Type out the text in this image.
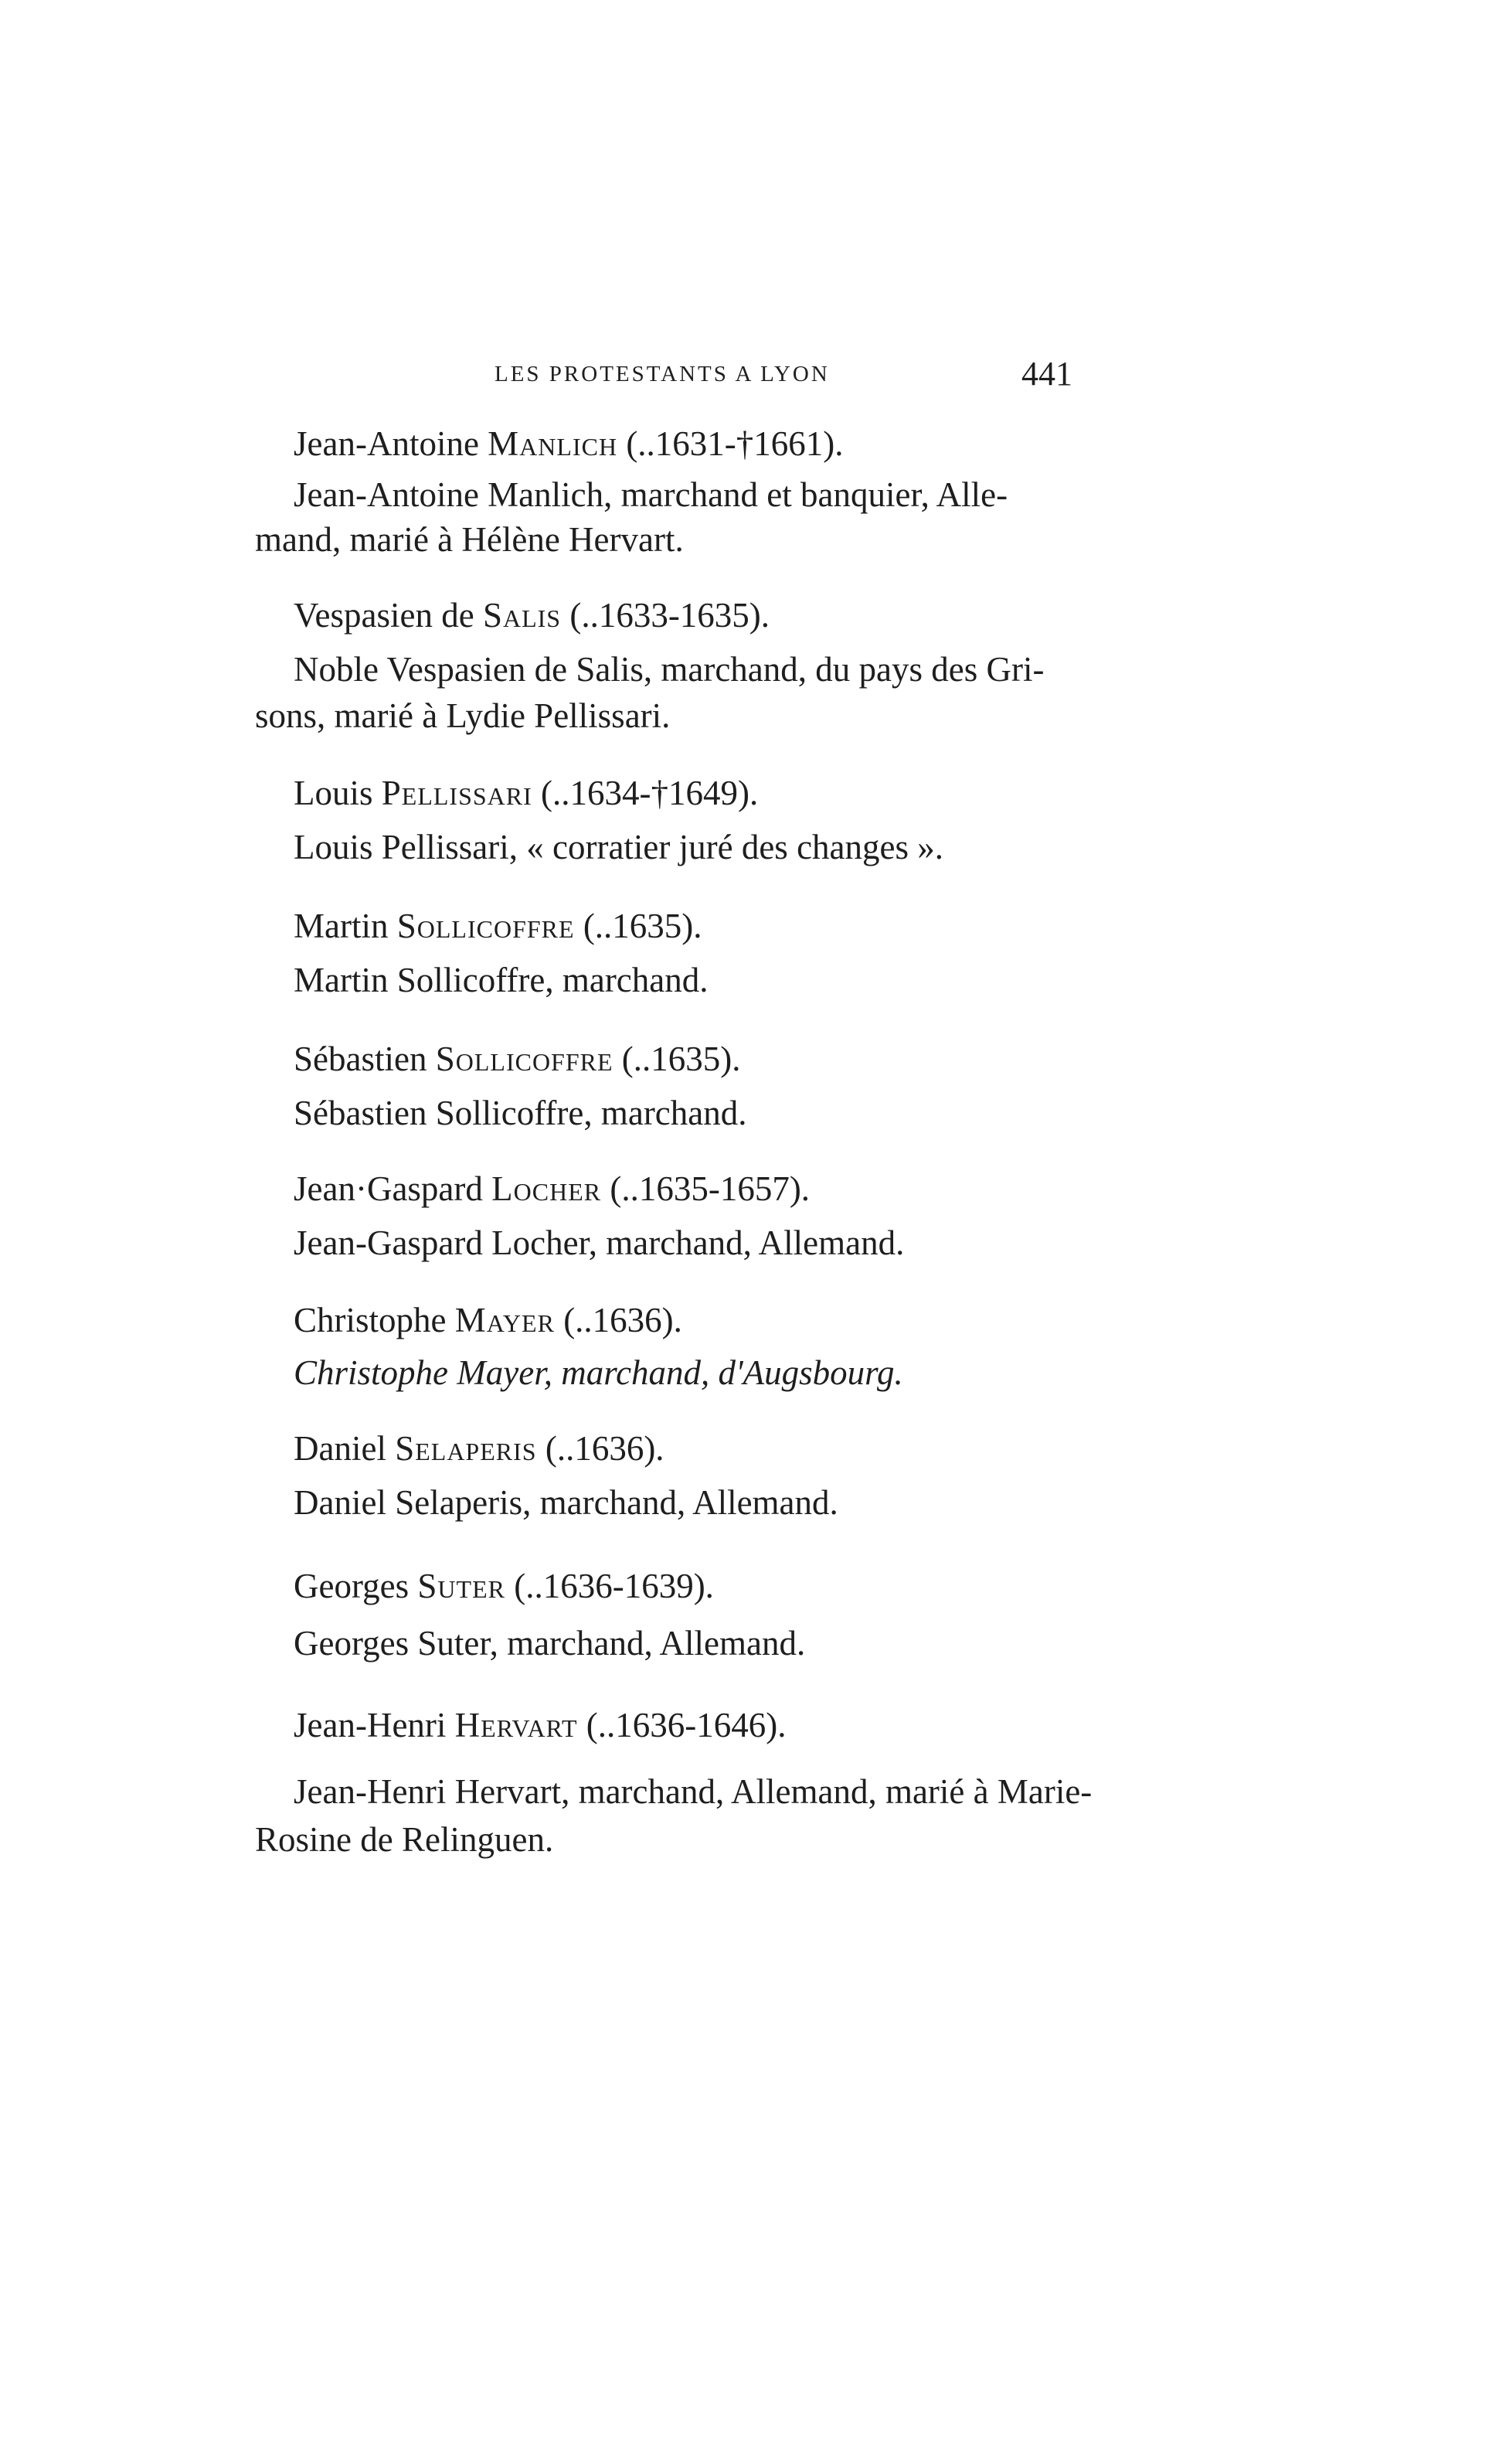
LES PROTESTANTS A LYON	441
Jean-Antoine Manlich (..1631-†1661).
Jean-Antoine Manlich, marchand et banquier, Alle-
mand, marié à Hélène Hervart.
Vespasien de Salis (..1633-1635).
Noble Vespasien de Salis, marchand, du pays des Gri-
sons, marié à Lydie Pellissari.
Louis Pellissari (..1634-†1649).
Louis Pellissari, « corratier juré des changes ».
Martin Sollicoffre (..1635).
Martin Sollicoffre, marchand.
Sébastien Sollicoffre (..1635).
Sébastien Sollicoffre, marchand.
Jean·Gaspard Locher (..1635-1657).
Jean-Gaspard Locher, marchand, Allemand.
Christophe Mayer (..1636).
Christophe Mayer, marchand, d'Augsbourg.
Daniel Selaperis (..1636).
Daniel Selaperis, marchand, Allemand.
Georges Suter (..1636-1639).
Georges Suter, marchand, Allemand.
Jean-Henri Hervart (..1636-1646).
Jean-Henri Hervart, marchand, Allemand, marié à Marie-
Rosine de Relinguen.
